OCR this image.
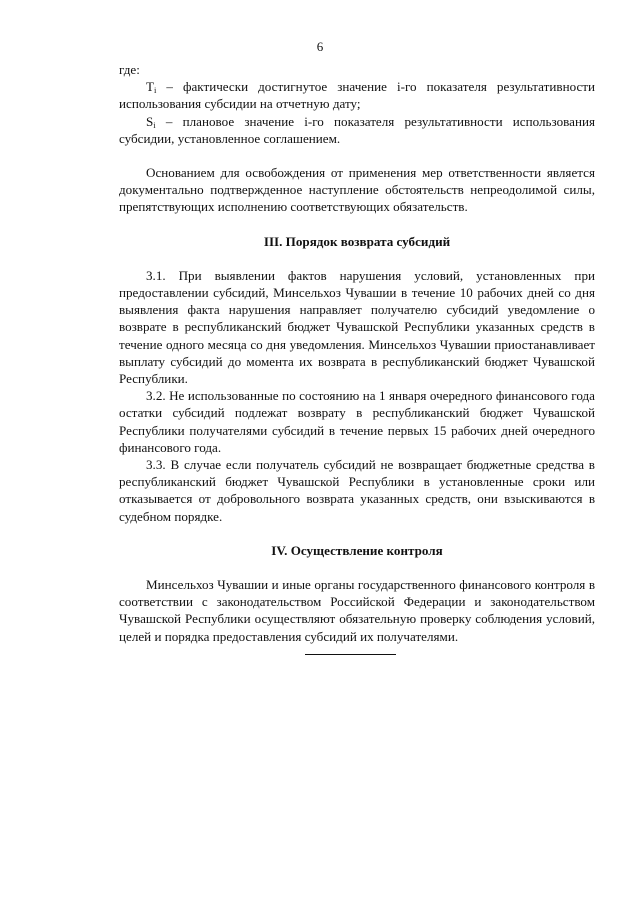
6

где:

$T_i$ – фактически достигнутое значение i-го показателя результативности использования субсидии на отчетную дату;

$S_i$ – плановое значение i-го показателя результативности использования субсидии, установленное соглашением.

Основанием для освобождения от применения мер ответственности является документально подтвержденное наступление обстоятельств непреодолимой силы, препятствующих исполнению соответствующих обязательств.

III. Порядок возврата субсидий

3.1. При выявлении фактов нарушения условий, установленных при предоставлении субсидий, Минсельхоз Чувашии в течение 10 рабочих дней со дня выявления факта нарушения направляет получателю субсидий уведомление о возврате в республиканский бюджет Чувашской Республики указанных средств в течение одного месяца со дня уведомления. Минсельхоз Чувашии приостанавливает выплату субсидий до момента их возврата в республиканский бюджет Чувашской Республики.

3.2. Не использованные по состоянию на 1 января очередного финансового года остатки субсидий подлежат возврату в республиканский бюджет Чувашской Республики получателями субсидий в течение первых 15 рабочих дней очередного финансового года.

3.3. В случае если получатель субсидий не возвращает бюджетные средства в республиканский бюджет Чувашской Республики в установленные сроки или отказывается от добровольного возврата указанных средств, они взыскиваются в судебном порядке.

IV. Осуществление контроля

Минсельхоз Чувашии и иные органы государственного финансового контроля в соответствии с законодательством Российской Федерации и законодательством Чувашской Республики осуществляют обязательную проверку соблюдения условий, целей и порядка предоставления субсидий их получателями.
